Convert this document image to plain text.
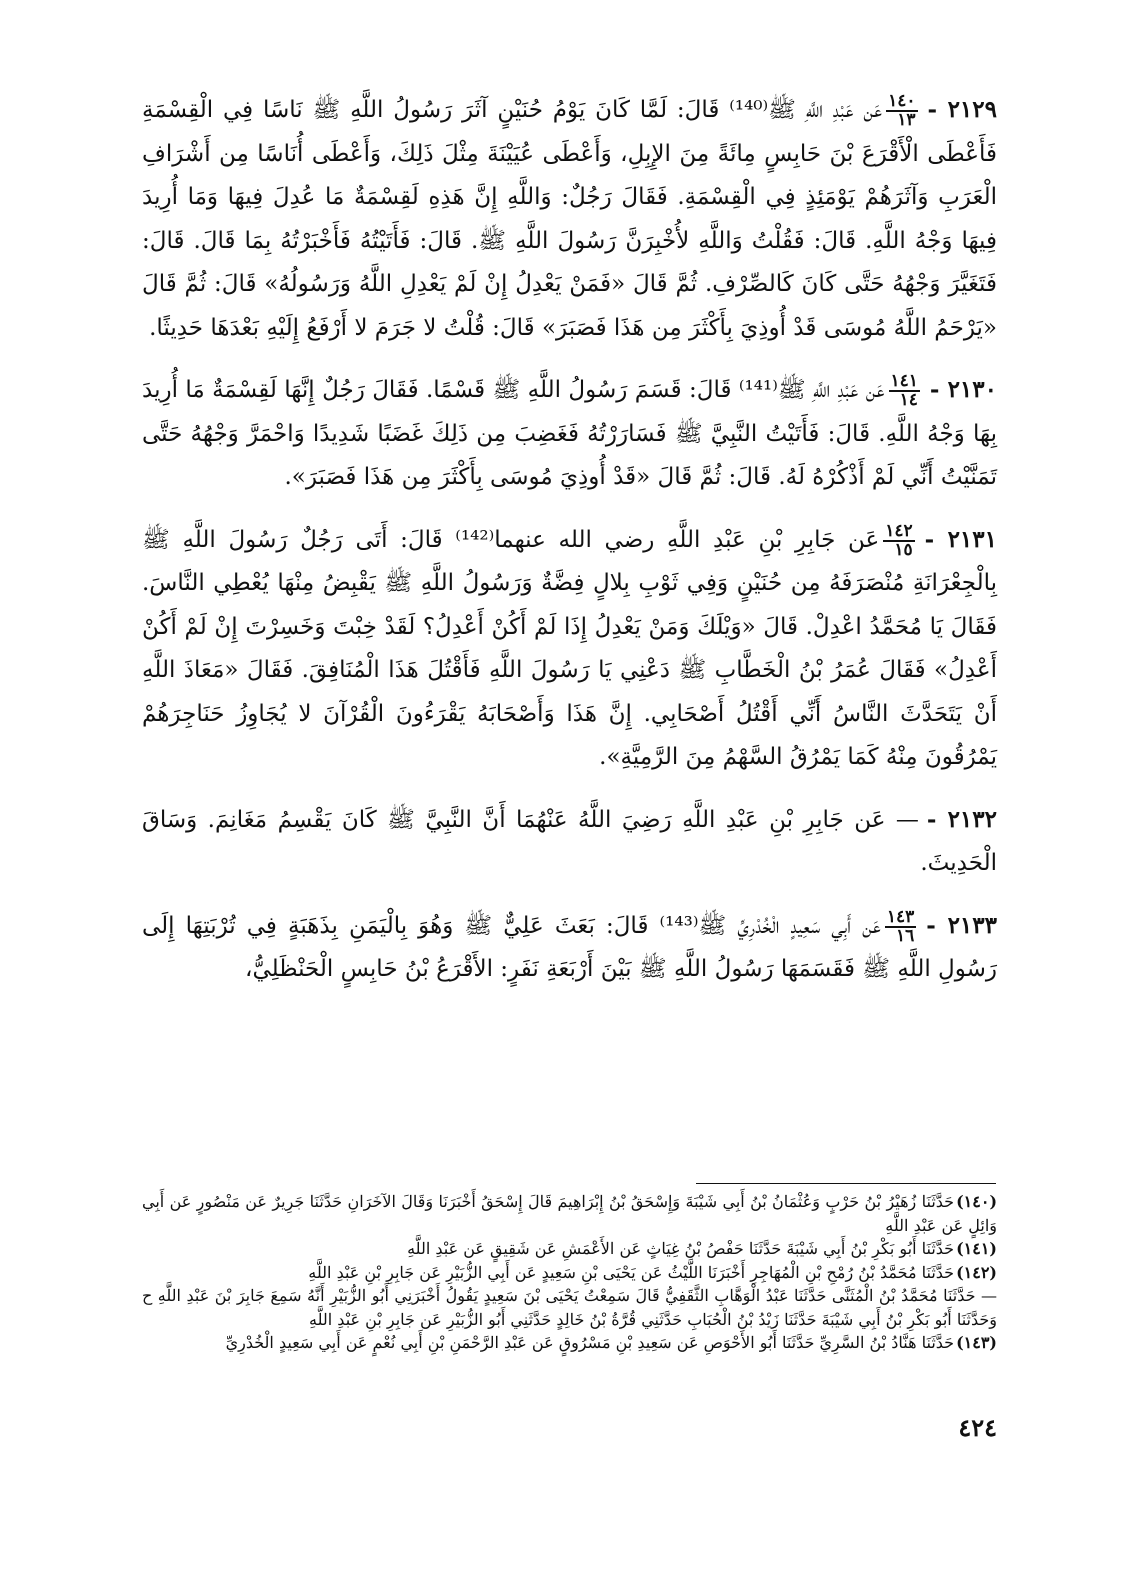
٢١٢٩ -
١٤٠
١٣
عَن عَبْدِ اللَّهِ ﷺ⁽¹⁴⁰⁾ قَالَ: لَمَّا كَانَ يَوْمُ حُنَيْنٍ آثَرَ رَسُولُ اللَّهِ ﷺ نَاسًا فِي الْقِسْمَةِ فَأَعْطَى الْأَقْرَعَ بْنَ حَابِسٍ مِائَةً مِنَ الإِبِلِ، وَأَعْطَى عُيَيْنَةَ مِثْلَ ذَلِكَ، وَأَعْطَى أُنَاسًا مِن أَشْرَافِ الْعَرَبِ وَآثَرَهُمْ يَوْمَئِذٍ فِي الْقِسْمَةِ. فَقَالَ رَجُلٌ: وَاللَّهِ إِنَّ هَذِهِ لَقِسْمَةٌ مَا عُدِلَ فِيهَا وَمَا أُرِيدَ فِيهَا وَجْهُ اللَّهِ. قَالَ: فَقُلْتُ وَاللَّهِ لأُخْبِرَنَّ رَسُولَ اللَّهِ ﷺ. قَالَ: فَأَتَيْتُهُ فَأَخْبَرْتُهُ بِمَا قَالَ. قَالَ: فَتَغَيَّرَ وَجْهُهُ حَتَّى كَانَ كَالصِّرْفِ. ثُمَّ قَالَ «فَمَنْ يَعْدِلُ إِنْ لَمْ يَعْدِلِ اللَّهُ وَرَسُولُهُ» قَالَ: ثُمَّ قَالَ «يَرْحَمُ اللَّهُ مُوسَى قَدْ أُوذِيَ بِأَكْثَرَ مِن هَذَا فَصَبَرَ» قَالَ: قُلْتُ لا جَرَمَ لا أَرْفَعُ إِلَيْهِ بَعْدَهَا حَدِيثًا.

٢١٣٠ -
١٤١
١٤
عَن عَبْدِ اللَّهِ ﷺ⁽¹⁴¹⁾ قَالَ: قَسَمَ رَسُولُ اللَّهِ ﷺ قَسْمًا. فَقَالَ رَجُلٌ إِنَّهَا لَقِسْمَةٌ مَا أُرِيدَ بِهَا وَجْهُ اللَّهِ. قَالَ: فَأَتَيْتُ النَّبِيَّ ﷺ فَسَارَرْتُهُ فَغَضِبَ مِن ذَلِكَ غَضَبًا شَدِيدًا وَاحْمَرَّ وَجْهُهُ حَتَّى تَمَنَّيْتُ أَنِّي لَمْ أَذْكُرْهُ لَهُ. قَالَ: ثُمَّ قَالَ «قَدْ أُوذِيَ مُوسَى بِأَكْثَرَ مِن هَذَا فَصَبَرَ».

٢١٣١ -
١٤٢
١٥
عَن جَابِرِ بْنِ عَبْدِ اللَّهِ رضي الله عنهما⁽¹⁴²⁾ قَالَ: أَتَى رَجُلٌ رَسُولَ اللَّهِ ﷺ بِالْجِعْرَانَةِ مُنْصَرَفَهُ مِن حُنَيْنٍ وَفِي ثَوْبِ بِلالٍ فِضَّةٌ وَرَسُولُ اللَّهِ ﷺ يَقْبِضُ مِنْهَا يُعْطِي النَّاسَ. فَقَالَ يَا مُحَمَّدُ اعْدِلْ. قَالَ «وَيْلَكَ وَمَنْ يَعْدِلُ إِذَا لَمْ أَكُنْ أَعْدِلُ؟ لَقَدْ خِبْتَ وَخَسِرْتَ إِنْ لَمْ أَكُنْ أَعْدِلُ» فَقَالَ عُمَرُ بْنُ الْخَطَّابِ ﷺ دَعْنِي يَا رَسُولَ اللَّهِ فَأَقْتُلَ هَذَا الْمُنَافِقَ. فَقَالَ «مَعَاذَ اللَّهِ أَنْ يَتَحَدَّثَ النَّاسُ أَنِّي أَقْتُلُ أَصْحَابِي. إِنَّ هَذَا وَأَصْحَابَهُ يَقْرَءُونَ الْقُرْآنَ لا يُجَاوِزُ حَنَاجِرَهُمْ يَمْرُقُونَ مِنْهُ كَمَا يَمْرُقُ السَّهْمُ مِنَ الرَّمِيَّةِ».

٢١٣٢ -— عَن جَابِرِ بْنِ عَبْدِ اللَّهِ رَضِيَ اللَّهُ عَنْهُمَا أَنَّ النَّبِيَّ ﷺ كَانَ يَقْسِمُ مَغَانِمَ. وَسَاقَ الْحَدِيثَ.

٢١٣٣ -
١٤٣
١٦
عَن أَبِي سَعِيدٍ الْخُدْرِيِّ ﷺ⁽¹⁴³⁾ قَالَ: بَعَثَ عَلِيٌّ ﷺ وَهُوَ بِالْيَمَنِ بِذَهَبَةٍ فِي تُرْبَتِهَا إِلَى رَسُولِ اللَّهِ ﷺ فَقَسَمَهَا رَسُولُ اللَّهِ ﷺ بَيْنَ أَرْبَعَةِ نَفَرٍ: الأَقْرَعُ بْنُ حَابِسٍ الْحَنْظَلِيُّ،

(١٤٠)حَدَّثَنَا زُهَيْرُ بْنُ حَرْبٍ وَعُثْمَانُ بْنُ أَبِي شَيْبَةَ وَإِسْحَقُ بْنُ إِبْرَاهِيمَ قَالَ إِسْحَقُ أَخْبَرَنَا وَقَالَ الآخَرَانِ حَدَّثَنَا جَرِيرٌ عَن مَنْصُورٍ عَن أَبِي وَائِلٍ عَن عَبْدِ اللَّهِ

(١٤١)حَدَّثَنَا أَبُو بَكْرِ بْنُ أَبِي شَيْبَةَ حَدَّثَنَا حَفْصُ بْنُ غِيَاثٍ عَن الأَعْمَشِ عَن شَقِيقٍ عَن عَبْدِ اللَّهِ

(١٤٢)حَدَّثَنَا مُحَمَّدُ بْنُ رُمْحِ بْنِ الْمُهَاجِرِ أَخْبَرَنَا اللَّيْثُ عَن يَحْيَى بْنِ سَعِيدٍ عَن أَبِي الزُّبَيْرِ عَن جَابِرِ بْنِ عَبْدِ اللَّهِ

— حَدَّثَنَا مُحَمَّدُ بْنُ الْمُثَنَّى حَدَّثَنَا عَبْدُ الْوَهَّابِ الثَّقَفِيُّ قَالَ سَمِعْتُ يَحْيَى بْنَ سَعِيدٍ يَقُولُ أَخْبَرَنِي أَبُو الزُّبَيْرِ أَنَّهُ سَمِعَ جَابِرَ بْنَ عَبْدِ اللَّهِ ح وَحَدَّثَنَا أَبُو بَكْرِ بْنُ أَبِي شَيْبَةَ حَدَّثَنَا زَيْدُ بْنُ الْحُبَابِ حَدَّثَنِي قُرَّةُ بْنُ خَالِدٍ حَدَّثَنِي أَبُو الزُّبَيْرِ عَن جَابِرِ بْنِ عَبْدِ اللَّهِ

(١٤٣)حَدَّثَنَا هَنَّادُ بْنُ السَّرِيِّ حَدَّثَنَا أَبُو الأَحْوَصِ عَن سَعِيدِ بْنِ مَسْرُوقٍ عَن عَبْدِ الرَّحْمَنِ بْنِ أَبِي نُعْمٍ عَن أَبِي سَعِيدٍ الْخُدْرِيِّ

٤٢٤
